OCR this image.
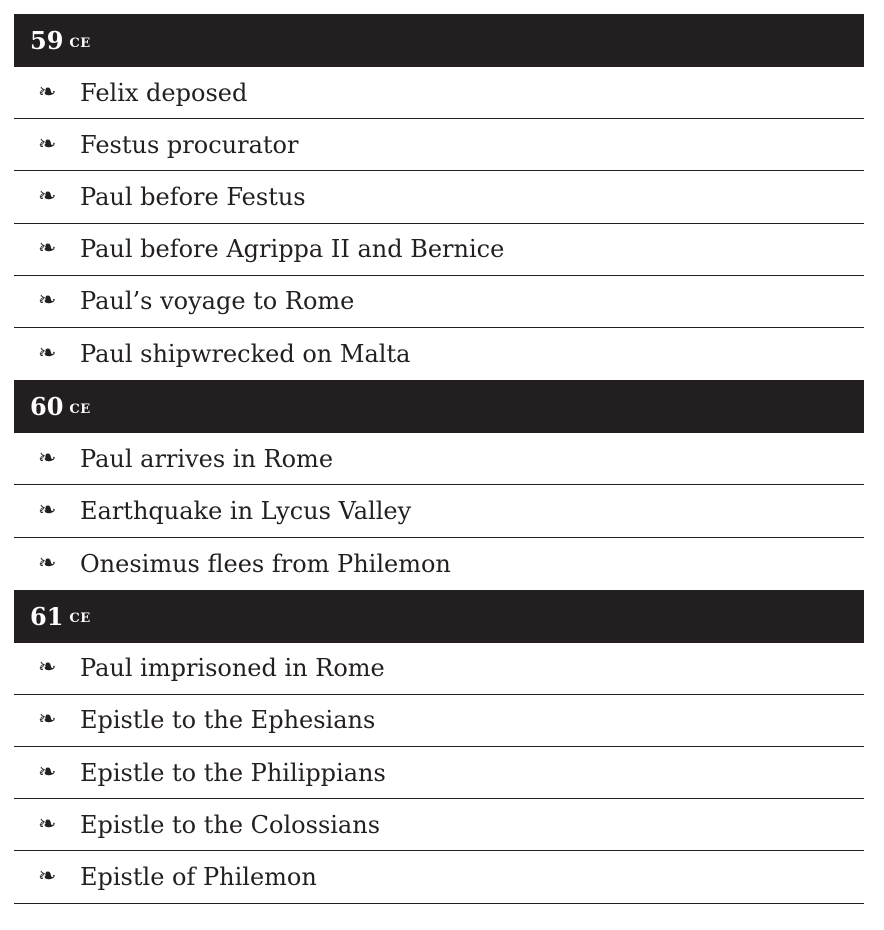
59 ce
❧ Felix deposed
❧ Festus procurator
❧ Paul before Festus
❧ Paul before Agrippa II and Bernice
❧ Paul’s voyage to Rome
❧ Paul shipwrecked on Malta
60 ce
❧ Paul arrives in Rome
❧ Earthquake in Lycus Valley
❧ Onesimus flees from Philemon
61 ce
❧ Paul imprisoned in Rome
❧ Epistle to the Ephesians
❧ Epistle to the Philippians
❧ Epistle to the Colossians
❧ Epistle of Philemon
